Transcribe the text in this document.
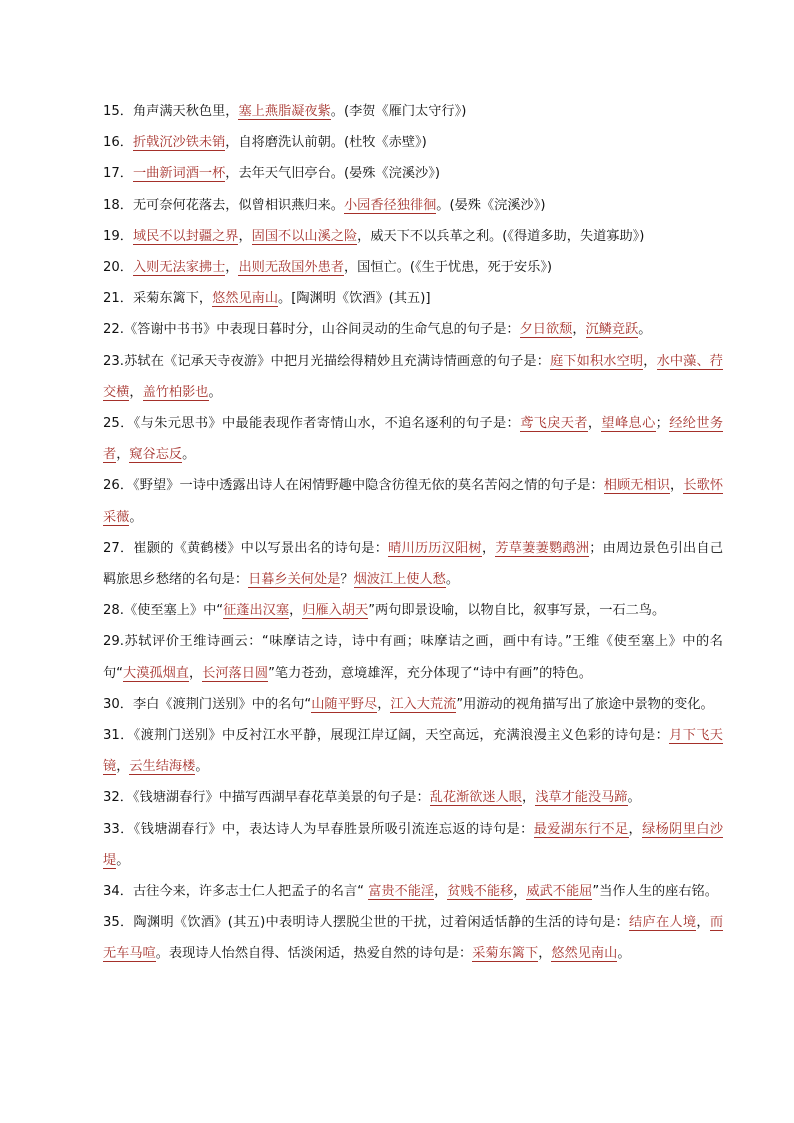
15．角声满天秋色里，塞上燕脂凝夜紫。(李贺《雁门太守行》)

16．折戟沉沙铁未销，自将磨洗认前朝。(杜牧《赤壁》)

17．一曲新词酒一杯，去年天气旧亭台。(晏殊《浣溪沙》)

18．无可奈何花落去，似曾相识燕归来。小园香径独徘徊。(晏殊《浣溪沙》)

19．域民不以封疆之界，固国不以山溪之险，威天下不以兵革之利。(《得道多助，失道寡助》)

20．入则无法家拂士，出则无敌国外患者，国恒亡。(《生于忧患，死于安乐》)

21．采菊东篱下，悠然见南山。[陶渊明《饮酒》(其五)]

22.《答谢中书书》中表现日暮时分，山谷间灵动的生命气息的句子是：夕日欲颓，沉鳞竞跃。

23.苏轼在《记承天寺夜游》中把月光描绘得精妙且充满诗情画意的句子是：庭下如积水空明，水中藻、荇交横，盖竹柏影也。

25．《与朱元思书》中最能表现作者寄情山水，不追名逐利的句子是：鸢飞戾天者，望峰息心；经纶世务者，窥谷忘反。

26．《野望》一诗中透露出诗人在闲情野趣中隐含彷徨无依的莫名苦闷之情的句子是：相顾无相识，长歌怀采薇。

27．崔颢的《黄鹤楼》中以写景出名的诗句是：晴川历历汉阳树，芳草萋萋鹦鹉洲；由周边景色引出自己羁旅思乡愁绪的名句是：日暮乡关何处是？烟波江上使人愁。

28.《使至塞上》中“征蓬出汉塞，归雁入胡天”两句即景设喻，以物自比，叙事写景，一石二鸟。

29.苏轼评价王维诗画云：“味摩诘之诗，诗中有画；味摩诘之画，画中有诗。”王维《使至塞上》中的名句“大漠孤烟直，长河落日圆”笔力苍劲，意境雄浑，充分体现了“诗中有画”的特色。

30．李白《渡荆门送别》中的名句“山随平野尽，江入大荒流”用游动的视角描写出了旅途中景物的变化。

31．《渡荆门送别》中反衬江水平静，展现江岸辽阔，天空高远，充满浪漫主义色彩的诗句是：月下飞天镜，云生结海楼。

32．《钱塘湖春行》中描写西湖早春花草美景的句子是：乱花渐欲迷人眼，浅草才能没马蹄。

33．《钱塘湖春行》中，表达诗人为早春胜景所吸引流连忘返的诗句是：最爱湖东行不足，绿杨阴里白沙堤。

34．古往今来，许多志士仁人把孟子的名言“ 富贵不能淫，贫贱不能移，威武不能屈”当作人生的座右铭。

35．陶渊明《饮酒》(其五)中表明诗人摆脱尘世的干扰，过着闲适恬静的生活的诗句是：结庐在人境，而无车马喧。表现诗人怡然自得、恬淡闲适，热爱自然的诗句是：采菊东篱下，悠然见南山。
